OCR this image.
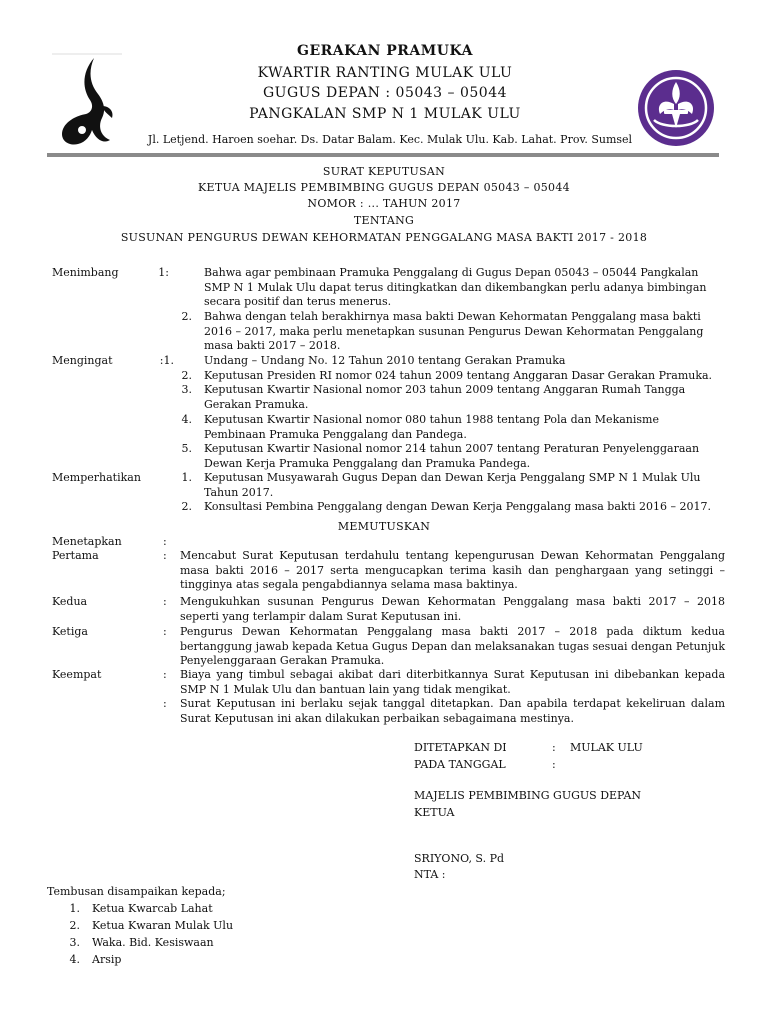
GERAKAN PRAMUKA
KWARTIR RANTING MULAK ULU
GUGUS DEPAN : 05043 – 05044
PANGKALAN SMP N 1 MULAK ULU
Jl. Letjend. Haroen soehar. Ds. Datar Balam. Kec. Mulak Ulu. Kab. Lahat. Prov. Sumsel
SURAT KEPUTUSAN
KETUA MAJELIS PEMBIMBING GUGUS DEPAN 05043 – 05044
NOMOR : ... TAHUN 2017
TENTANG
SUSUNAN PENGURUS DEWAN KEHORMATAN PENGGALANG MASA BAKTI 2017 - 2018
Menimbang	1:	Bahwa agar pembinaan Pramuka Penggalang di Gugus Depan 05043 – 05044 Pangkalan
SMP N 1 Mulak Ulu dapat terus ditingkatkan dan dikembangkan perlu adanya bimbingan
secara positif dan terus menerus.
2. Bahwa dengan telah berakhirnya masa bakti Dewan Kehormatan Penggalang masa bakti
2016 – 2017, maka perlu menetapkan susunan Pengurus Dewan Kehormatan Penggalang
masa bakti 2017 – 2018.
Mengingat	:1.	Undang – Undang No. 12 Tahun 2010 tentang Gerakan Pramuka
2. Keputusan Presiden RI nomor 024 tahun 2009 tentang Anggaran Dasar Gerakan Pramuka.
3. Keputusan Kwartir Nasional nomor 203 tahun 2009 tentang Anggaran Rumah Tangga
Gerakan Pramuka.
4. Keputusan Kwartir Nasional nomor 080 tahun 1988 tentang Pola dan Mekanisme
Pembinaan Pramuka Penggalang dan Pandega.
5. Keputusan Kwartir Nasional nomor 214 tahun 2007 tentang Peraturan Penyelenggaraan
Dewan Kerja Pramuka Penggalang dan Pramuka Pandega.
Memperhatikan	1. Keputusan Musyawarah Gugus Depan dan Dewan Kerja Penggalang SMP N 1 Mulak Ulu
Tahun 2017.
2. Konsultasi Pembina Penggalang dengan Dewan Kerja Penggalang masa bakti 2016 – 2017.
MEMUTUSKAN
Menetapkan	:
Pertama	: Mencabut Surat Keputusan terdahulu tentang kepengurusan Dewan Kehormatan Penggalang masa bakti 2016 – 2017 serta mengucapkan terima kasih dan penghargaan yang setinggi – tingginya atas segala pengabdiannya selama masa baktinya.
Kedua	: Mengukuhkan susunan Pengurus Dewan Kehormatan Penggalang masa bakti 2017 – 2018 seperti yang terlampir dalam Surat Keputusan ini.
Ketiga	: Pengurus Dewan Kehormatan Penggalang masa bakti 2017 – 2018 pada diktum kedua bertanggung jawab kepada Ketua Gugus Depan dan melaksanakan tugas sesuai dengan Petunjuk Penyelenggaraan Gerakan Pramuka.
Keempat	: Biaya yang timbul sebagai akibat dari diterbitkannya Surat Keputusan ini dibebankan kepada SMP N 1 Mulak Ulu dan bantuan lain yang tidak mengikat.
: Surat Keputusan ini berlaku sejak tanggal ditetapkan. Dan apabila terdapat kekeliruan dalam Surat Keputusan ini akan dilakukan perbaikan sebagaimana mestinya.
DITETAPKAN DI	: MULAK ULU
PADA TANGGAL	:
MAJELIS PEMBIMBING GUGUS DEPAN
KETUA
SRIYONO, S. Pd
NTA :
Tembusan disampaikan kepada;
1. Ketua Kwarcab Lahat
2. Ketua Kwaran Mulak Ulu
3. Waka. Bid. Kesiswaan
4. Arsip
